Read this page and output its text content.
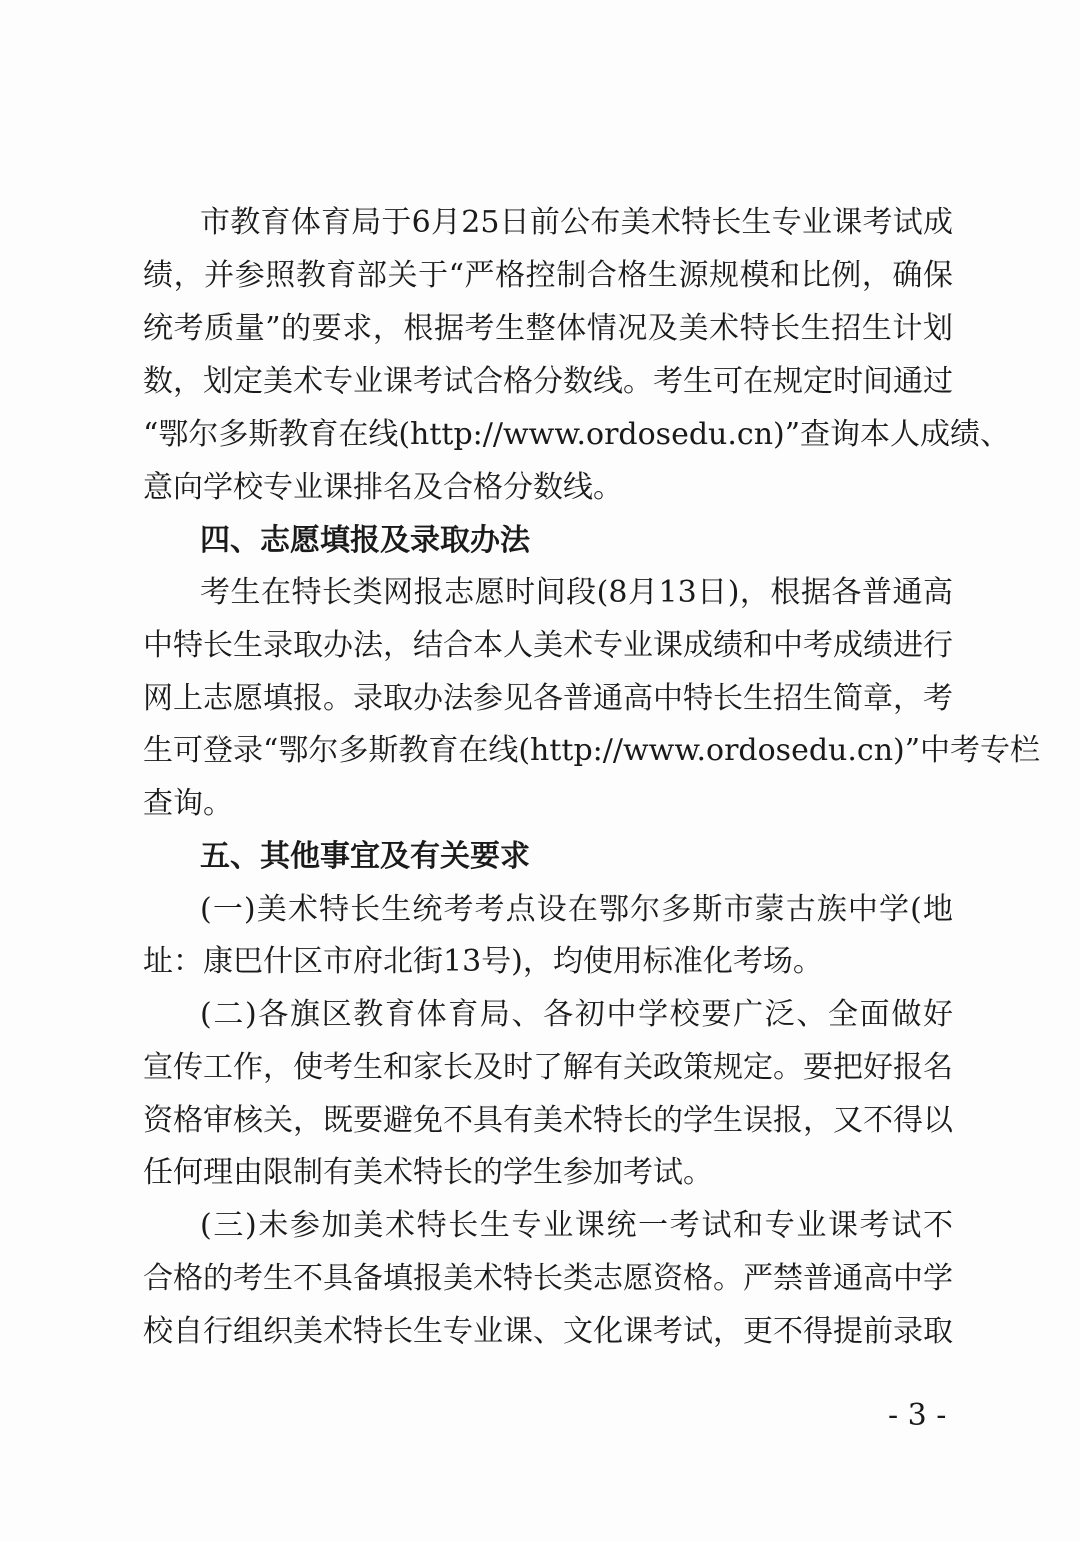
市教育体育局于6月25日前公布美术特长生专业课考试成
绩，并参照教育部关于“严格控制合格生源规模和比例，确保
统考质量”的要求，根据考生整体情况及美术特长生招生计划
数，划定美术专业课考试合格分数线。考生可在规定时间通过
“鄂尔多斯教育在线(http://www.ordosedu.cn)”查询本人成绩、
意向学校专业课排名及合格分数线。
四、志愿填报及录取办法
考生在特长类网报志愿时间段(8月13日)，根据各普通高
中特长生录取办法，结合本人美术专业课成绩和中考成绩进行
网上志愿填报。录取办法参见各普通高中特长生招生简章，考
生可登录“鄂尔多斯教育在线(http://www.ordosedu.cn)”中考专栏
查询。
五、其他事宜及有关要求
(一)美术特长生统考考点设在鄂尔多斯市蒙古族中学(地
址：康巴什区市府北街13号)，均使用标准化考场。
(二)各旗区教育体育局、各初中学校要广泛、全面做好
宣传工作，使考生和家长及时了解有关政策规定。要把好报名
资格审核关，既要避免不具有美术特长的学生误报，又不得以
任何理由限制有美术特长的学生参加考试。
(三)未参加美术特长生专业课统一考试和专业课考试不
合格的考生不具备填报美术特长类志愿资格。严禁普通高中学
校自行组织美术特长生专业课、文化课考试，更不得提前录取
- 3 -
